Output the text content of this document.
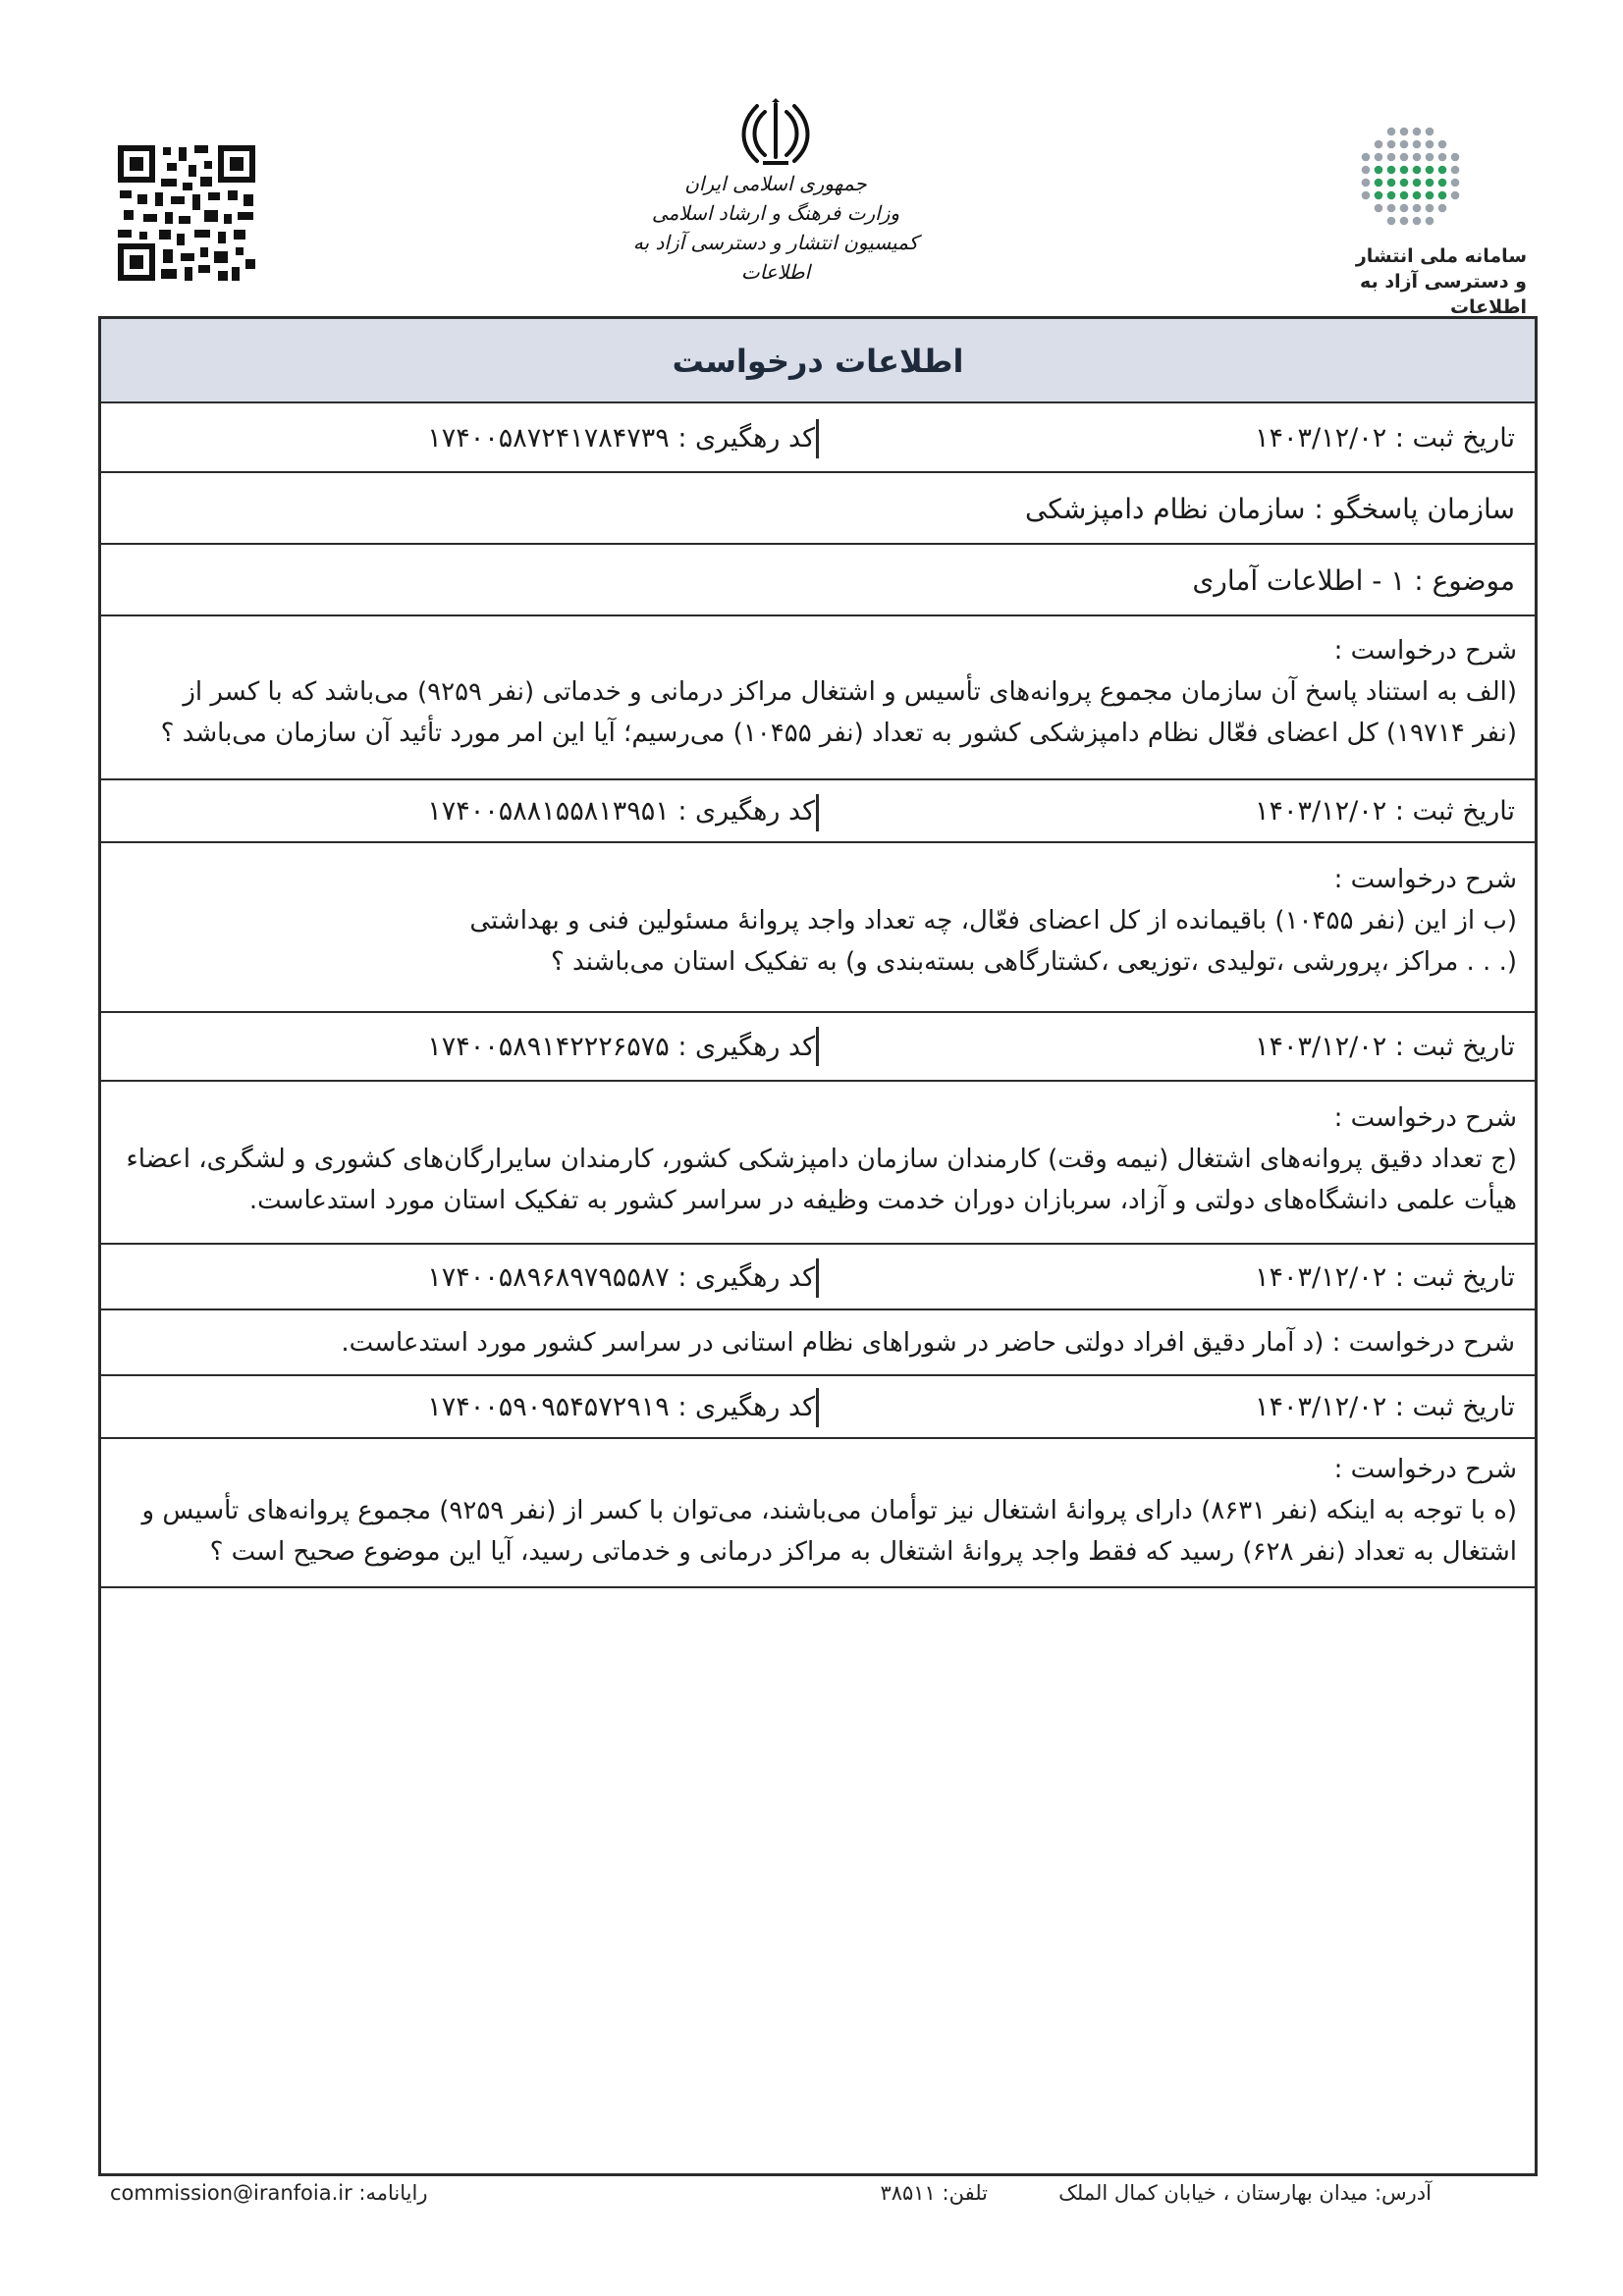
جمهوری اسلامی ایران
وزارت فرهنگ و ارشاد اسلامی
کمیسیون انتشار و دسترسی آزاد به اطلاعات
سامانه ملی انتشار
و دسترسی آزاد به اطلاعات
اطلاعات درخواست
تاریخ ثبت : ۱۴۰۳/۱۲/۰۲
کد رهگیری : ۱۷۴۰۰۵۸۷۲۴۱۷۸۴۷۳۹
سازمان پاسخگو : سازمان نظام دامپزشکی
موضوع : ۱ - اطلاعات آماری
شرح درخواست :

(الف به استناد پاسخ آن سازمان مجموع پروانه‌های تأسیس و اشتغال مراکز درمانی و خدماتی (نفر ۹۲۵۹) می‌باشد که با کسر از

(نفر ۱۹۷۱۴) کل اعضای فعّال نظام دامپزشکی کشور به تعداد (نفر ۱۰۴۵۵) می‌رسیم؛ آیا این امر مورد تأئید آن سازمان می‌باشد ؟

تاریخ ثبت : ۱۴۰۳/۱۲/۰۲
کد رهگیری : ۱۷۴۰۰۵۸۸۱۵۵۸۱۳۹۵۱
شرح درخواست :

(ب از این (نفر ۱۰۴۵۵) باقیمانده از کل اعضای فعّال، چه تعداد واجد پروانهٔ مسئولین فنی و بهداشتی

(. . . مراکز ،پرورشی ،تولیدی ،توزیعی ،کشتارگاهی بسته‌بندی و) به تفکیک استان می‌باشند ؟

تاریخ ثبت : ۱۴۰۳/۱۲/۰۲
کد رهگیری : ۱۷۴۰۰۵۸۹۱۴۲۲۲۶۵۷۵
شرح درخواست :

(ج تعداد دقیق پروانه‌های اشتغال (نیمه وقت) کارمندان سازمان دامپزشکی کشور، کارمندان سایرارگان‌های کشوری و لشگری، اعضاء

هیأت علمی دانشگاه‌های دولتی و آزاد، سربازان دوران خدمت وظیفه در سراسر کشور به تفکیک استان مورد استدعاست.

تاریخ ثبت : ۱۴۰۳/۱۲/۰۲
کد رهگیری : ۱۷۴۰۰۵۸۹۶۸۹۷۹۵۵۸۷
شرح درخواست : (د آمار دقیق افراد دولتی حاضر در شوراهای نظام استانی در سراسر کشور مورد استدعاست.
تاریخ ثبت : ۱۴۰۳/۱۲/۰۲
کد رهگیری : ۱۷۴۰۰۵۹۰۹۵۴۵۷۲۹۱۹
شرح درخواست :

(ه با توجه به اینکه (نفر ۸۶۳۱) دارای پروانهٔ اشتغال نیز توأمان می‌باشند، می‌توان با کسر از (نفر ۹۲۵۹) مجموع پروانه‌های تأسیس و

اشتغال به تعداد (نفر ۶۲۸) رسید که فقط واجد پروانهٔ اشتغال به مراکز درمانی و خدماتی رسید، آیا این موضوع صحیح است ؟

آدرس: میدان بهارستان ، خیابان کمال الملک
تلفن: ۳۸۵۱۱
commission@iranfoia.ir :رایانامه
